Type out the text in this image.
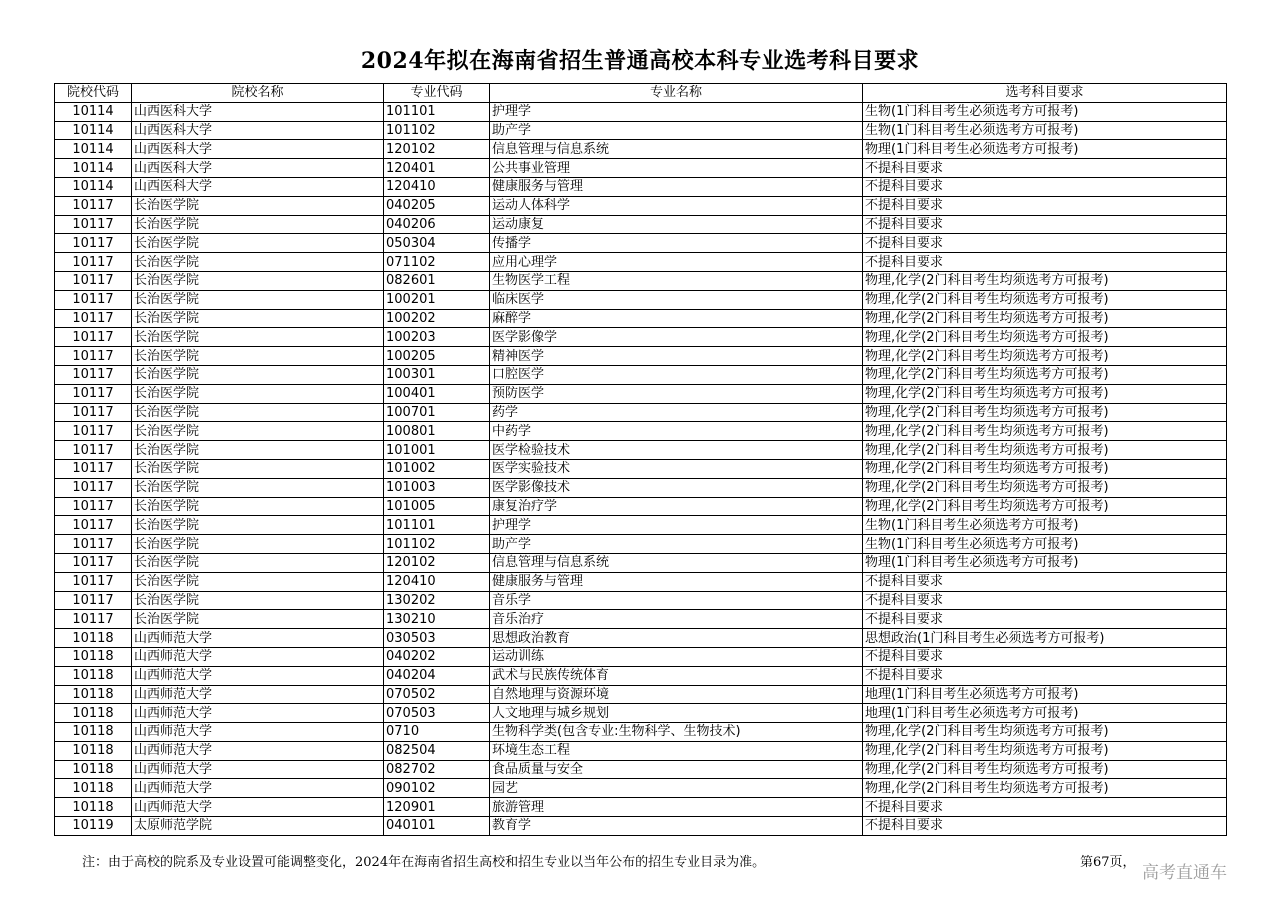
2024年拟在海南省招生普通高校本科专业选考科目要求
院校代码	院校名称	专业代码	专业名称	选考科目要求
10114	山西医科大学	101101	护理学	生物(1门科目考生必须选考方可报考)
10114	山西医科大学	101102	助产学	生物(1门科目考生必须选考方可报考)
10114	山西医科大学	120102	信息管理与信息系统	物理(1门科目考生必须选考方可报考)
10114	山西医科大学	120401	公共事业管理	不提科目要求
10114	山西医科大学	120410	健康服务与管理	不提科目要求
10117	长治医学院	040205	运动人体科学	不提科目要求
10117	长治医学院	040206	运动康复	不提科目要求
10117	长治医学院	050304	传播学	不提科目要求
10117	长治医学院	071102	应用心理学	不提科目要求
10117	长治医学院	082601	生物医学工程	物理,化学(2门科目考生均须选考方可报考)
10117	长治医学院	100201	临床医学	物理,化学(2门科目考生均须选考方可报考)
10117	长治医学院	100202	麻醉学	物理,化学(2门科目考生均须选考方可报考)
10117	长治医学院	100203	医学影像学	物理,化学(2门科目考生均须选考方可报考)
10117	长治医学院	100205	精神医学	物理,化学(2门科目考生均须选考方可报考)
10117	长治医学院	100301	口腔医学	物理,化学(2门科目考生均须选考方可报考)
10117	长治医学院	100401	预防医学	物理,化学(2门科目考生均须选考方可报考)
10117	长治医学院	100701	药学	物理,化学(2门科目考生均须选考方可报考)
10117	长治医学院	100801	中药学	物理,化学(2门科目考生均须选考方可报考)
10117	长治医学院	101001	医学检验技术	物理,化学(2门科目考生均须选考方可报考)
10117	长治医学院	101002	医学实验技术	物理,化学(2门科目考生均须选考方可报考)
10117	长治医学院	101003	医学影像技术	物理,化学(2门科目考生均须选考方可报考)
10117	长治医学院	101005	康复治疗学	物理,化学(2门科目考生均须选考方可报考)
10117	长治医学院	101101	护理学	生物(1门科目考生必须选考方可报考)
10117	长治医学院	101102	助产学	生物(1门科目考生必须选考方可报考)
10117	长治医学院	120102	信息管理与信息系统	物理(1门科目考生必须选考方可报考)
10117	长治医学院	120410	健康服务与管理	不提科目要求
10117	长治医学院	130202	音乐学	不提科目要求
10117	长治医学院	130210	音乐治疗	不提科目要求
10118	山西师范大学	030503	思想政治教育	思想政治(1门科目考生必须选考方可报考)
10118	山西师范大学	040202	运动训练	不提科目要求
10118	山西师范大学	040204	武术与民族传统体育	不提科目要求
10118	山西师范大学	070502	自然地理与资源环境	地理(1门科目考生必须选考方可报考)
10118	山西师范大学	070503	人文地理与城乡规划	地理(1门科目考生必须选考方可报考)
10118	山西师范大学	0710	生物科学类(包含专业:生物科学、生物技术)	物理,化学(2门科目考生均须选考方可报考)
10118	山西师范大学	082504	环境生态工程	物理,化学(2门科目考生均须选考方可报考)
10118	山西师范大学	082702	食品质量与安全	物理,化学(2门科目考生均须选考方可报考)
10118	山西师范大学	090102	园艺	物理,化学(2门科目考生均须选考方可报考)
10118	山西师范大学	120901	旅游管理	不提科目要求
10119	太原师范学院	040101	教育学	不提科目要求
注：由于高校的院系及专业设置可能调整变化，2024年在海南省招生高校和招生专业以当年公布的招生专业目录为准。	第67页，
高考直通车
